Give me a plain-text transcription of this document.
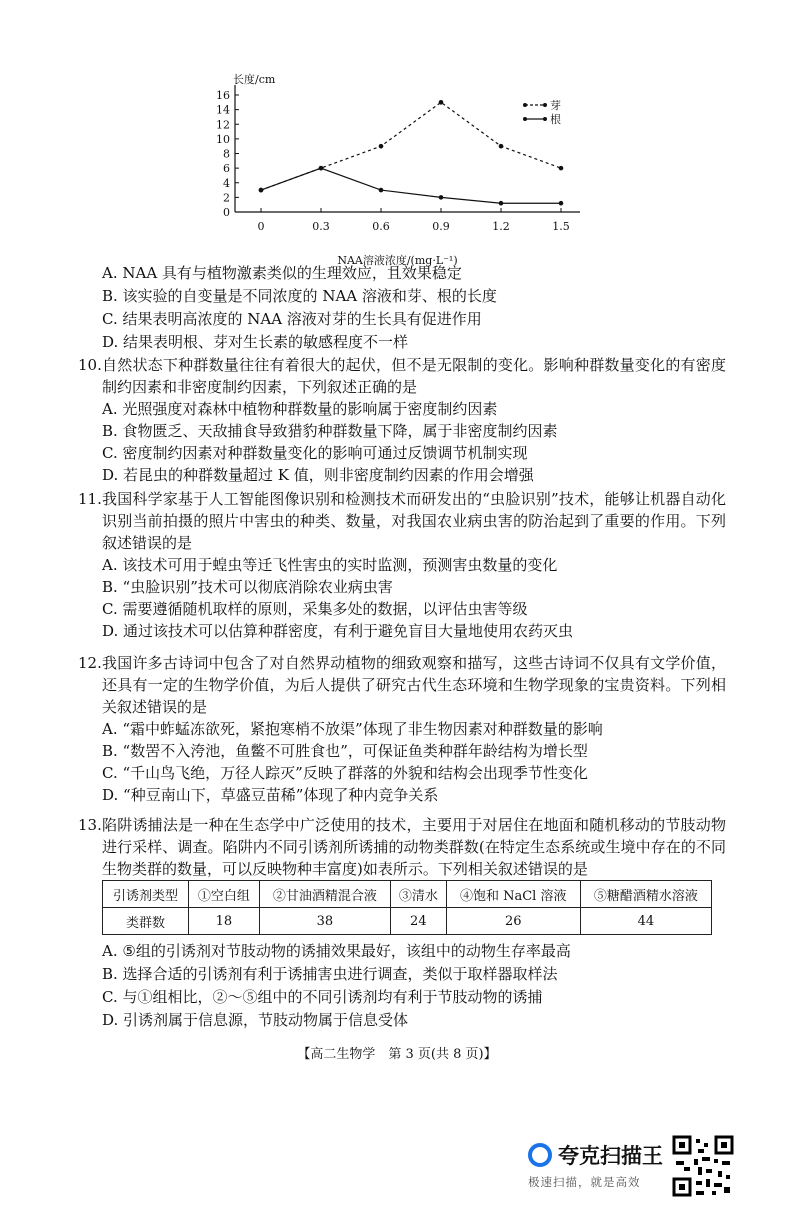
0
2
4
6
8
10
12
14
16
0	0.3	0.6	0.9	1.2	1.5
长度/cm
NAA溶液浓度/(mg·L⁻¹)
芽
根
A. NAA 具有与植物激素类似的生理效应，且效果稳定
B. 该实验的自变量是不同浓度的 NAA 溶液和芽、根的长度
C. 结果表明高浓度的 NAA 溶液对芽的生长具有促进作用
D. 结果表明根、芽对生长素的敏感程度不一样
10. 自然状态下种群数量往往有着很大的起伏，但不是无限制的变化。影响种群数量变化的有密度制约因素和非密度制约因素，下列叙述正确的是
A. 光照强度对森林中植物种群数量的影响属于密度制约因素
B. 食物匮乏、天敌捕食导致猎豹种群数量下降，属于非密度制约因素
C. 密度制约因素对种群数量变化的影响可通过反馈调节机制实现
D. 若昆虫的种群数量超过 K 值，则非密度制约因素的作用会增强
11. 我国科学家基于人工智能图像识别和检测技术而研发出的“虫脸识别”技术，能够让机器自动化识别当前拍摄的照片中害虫的种类、数量，对我国农业病虫害的防治起到了重要的作用。下列叙述错误的是
A. 该技术可用于蝗虫等迁飞性害虫的实时监测，预测害虫数量的变化
B. “虫脸识别”技术可以彻底消除农业病虫害
C. 需要遵循随机取样的原则，采集多处的数据，以评估虫害等级
D. 通过该技术可以估算种群密度，有利于避免盲目大量地使用农药灭虫
12. 我国许多古诗词中包含了对自然界动植物的细致观察和描写，这些古诗词不仅具有文学价值，还具有一定的生物学价值，为后人提供了研究古代生态环境和生物学现象的宝贵资料。下列相关叙述错误的是
A. “霜中蚱蜢冻欲死，紧抱寒梢不放渠”体现了非生物因素对种群数量的影响
B. “数罟不入洿池，鱼鳖不可胜食也”，可保证鱼类种群年龄结构为增长型
C. “千山鸟飞绝，万径人踪灭”反映了群落的外貌和结构会出现季节性变化
D. “种豆南山下，草盛豆苗稀”体现了种内竞争关系
13. 陷阱诱捕法是一种在生态学中广泛使用的技术，主要用于对居住在地面和随机移动的节肢动物进行采样、调查。陷阱内不同引诱剂所诱捕的动物类群数(在特定生态系统或生境中存在的不同生物类群的数量，可以反映物种丰富度)如表所示。下列相关叙述错误的是
引诱剂类型	①空白组	②甘油酒精混合液	③清水	④饱和 NaCl 溶液	⑤糖醋酒精水溶液
类群数	18	38	24	26	44
A. ⑤组的引诱剂对节肢动物的诱捕效果最好，该组中的动物生存率最高
B. 选择合适的引诱剂有利于诱捕害虫进行调查，类似于取样器取样法
C. 与①组相比，②～⑤组中的不同引诱剂均有利于节肢动物的诱捕
D. 引诱剂属于信息源，节肢动物属于信息受体
【高二生物学　第 3 页(共 8 页)】
夸克扫描王
极速扫描，就是高效
